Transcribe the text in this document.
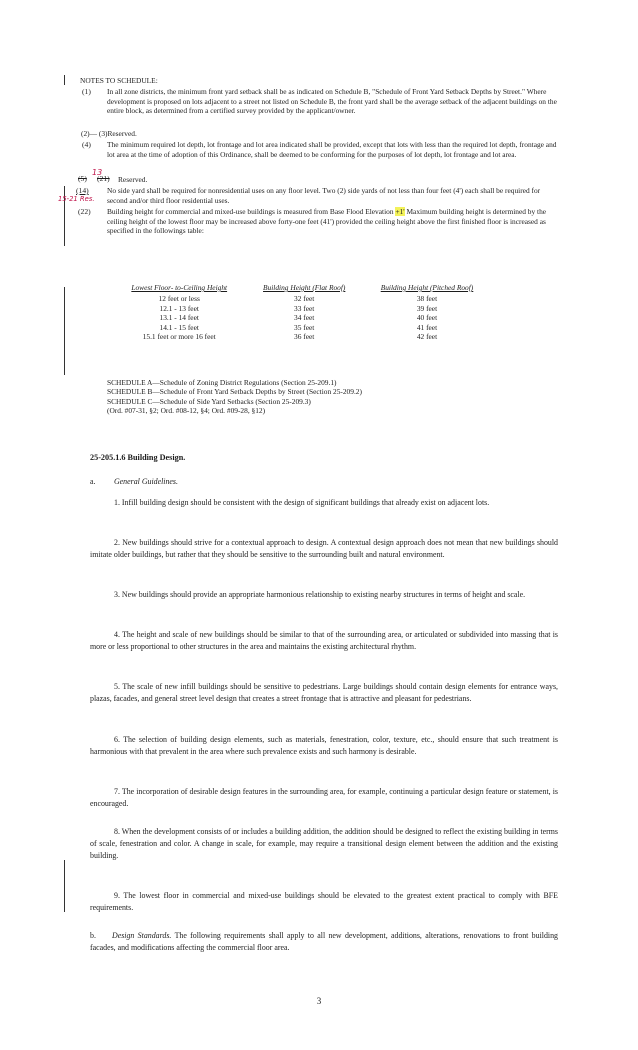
NOTES TO SCHEDULE:
(1) In all zone districts, the minimum front yard setback shall be as indicated on Schedule B, "Schedule of Front Yard Setback Depths by Street." Where development is proposed on lots adjacent to a street not listed on Schedule B, the front yard shall be the average setback of the adjacent buildings on the entire block, as determined from a certified survey provided by the applicant/owner.
(2)— (3)Reserved.
(4) The minimum required lot depth, lot frontage and lot area indicated shall be provided, except that lots with less than the required lot depth, frontage and lot area at the time of adoption of this Ordinance, shall be deemed to be conforming for the purposes of lot depth, lot frontage and lot area.
(5)
13
(21) Reserved.
(14)
15-21 Res.
No side yard shall be required for nonresidential uses on any floor level. Two (2) side yards of not less than four feet (4') each shall be required for second and/or third floor residential uses.
(22) Building height for commercial and mixed-use buildings is measured from Base Flood Elevation +1' Maximum building height is determined by the ceiling height of the lowest floor may be increased above forty-one feet (41') provided the ceiling height above the first finished floor is increased as specified in the followings table:
Lowest Floor- to-Ceiling Height	Building Height (Flat Roof)	Building Height (Pitched Roof)
12 feet or less	32 feet	38 feet
12.1 - 13 feet	33 feet	39 feet
13.1 - 14 feet	34 feet	40 feet
14.1 - 15 feet	35 feet	41 feet
15.1 feet or more 16 feet	36 feet	42 feet
SCHEDULE A—Schedule of Zoning District Regulations (Section 25-209.1)
SCHEDULE B—Schedule of Front Yard Setback Depths by Street (Section 25-209.2)
SCHEDULE C—Schedule of Side Yard Setbacks (Section 25-209.3)
(Ord. #07-31, §2; Ord. #08-12, §4; Ord. #09-28, §12)
25-205.1.6 Building Design.
a. General Guidelines.
1. Infill building design should be consistent with the design of significant buildings that already exist on adjacent lots.
2. New buildings should strive for a contextual approach to design. A contextual design approach does not mean that new buildings should imitate older buildings, but rather that they should be sensitive to the surrounding built and natural environment.
3. New buildings should provide an appropriate harmonious relationship to existing nearby structures in terms of height and scale.
4. The height and scale of new buildings should be similar to that of the surrounding area, or articulated or subdivided into massing that is more or less proportional to other structures in the area and maintains the existing architectural rhythm.
5. The scale of new infill buildings should be sensitive to pedestrians. Large buildings should contain design elements for entrance ways, plazas, facades, and general street level design that creates a street frontage that is attractive and pleasant for pedestrians.
6. The selection of building design elements, such as materials, fenestration, color, texture, etc., should ensure that such treatment is harmonious with that prevalent in the area where such prevalence exists and such harmony is desirable.
7. The incorporation of desirable design features in the surrounding area, for example, continuing a particular design feature or statement, is encouraged.
8. When the development consists of or includes a building addition, the addition should be designed to reflect the existing building in terms of scale, fenestration and color. A change in scale, for example, may require a transitional design element between the addition and the existing building.
9. The lowest floor in commercial and mixed-use buildings should be elevated to the greatest extent practical to comply with BFE requirements.
b. Design Standards. The following requirements shall apply to all new development, additions, alterations, renovations to front building facades, and modifications affecting the commercial floor area.
3
